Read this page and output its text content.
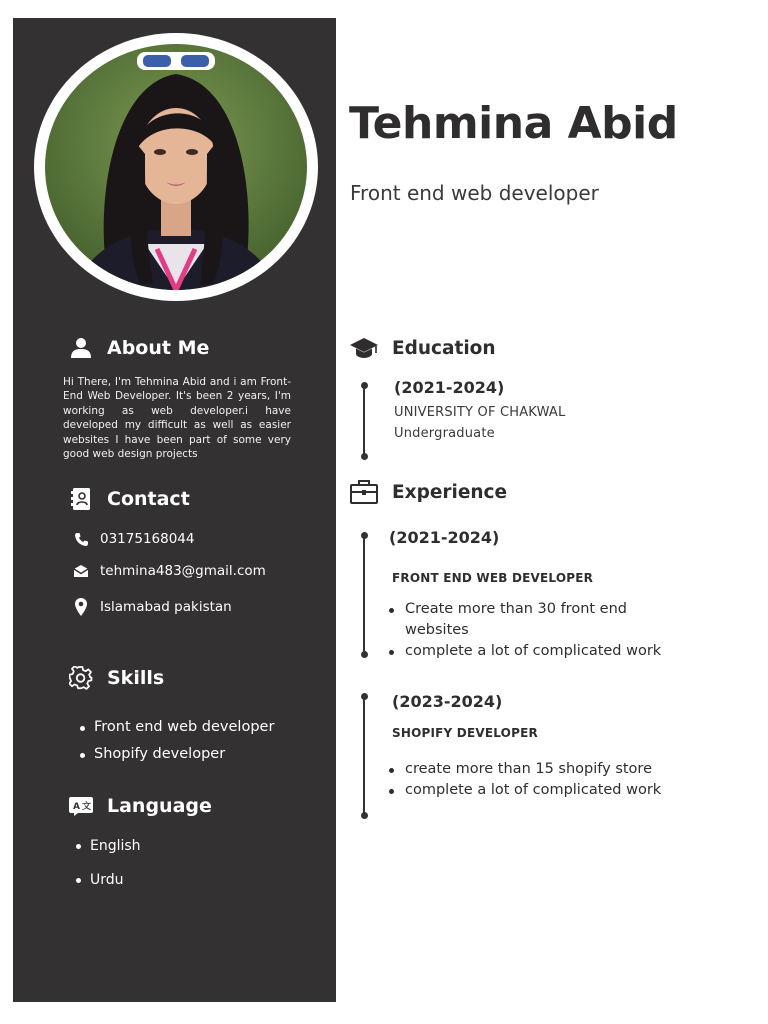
About Me

Hi There, I'm Tehmina Abid and i am Front-End Web Developer. It's been 2 years, I'm working as web developer.i have developed my difficult as well as easier websites I have been part of some very good web design projects

Contact
03175168044
tehmina483@gmail.com
Islamabad pakistan
Skills
Front end web developer
Shopify developer
A 文 Language
English
Urdu
Tehmina Abid
Front end web developer
Education
(2021-2024)
UNIVERSITY OF CHAKWAL
Undergraduate
Experience
(2021-2024)
FRONT END WEB DEVELOPER
Create more than 30 front end websites
complete a lot of complicated work
(2023-2024)
SHOPIFY DEVELOPER
create more than 15 shopify store
complete a lot of complicated work
